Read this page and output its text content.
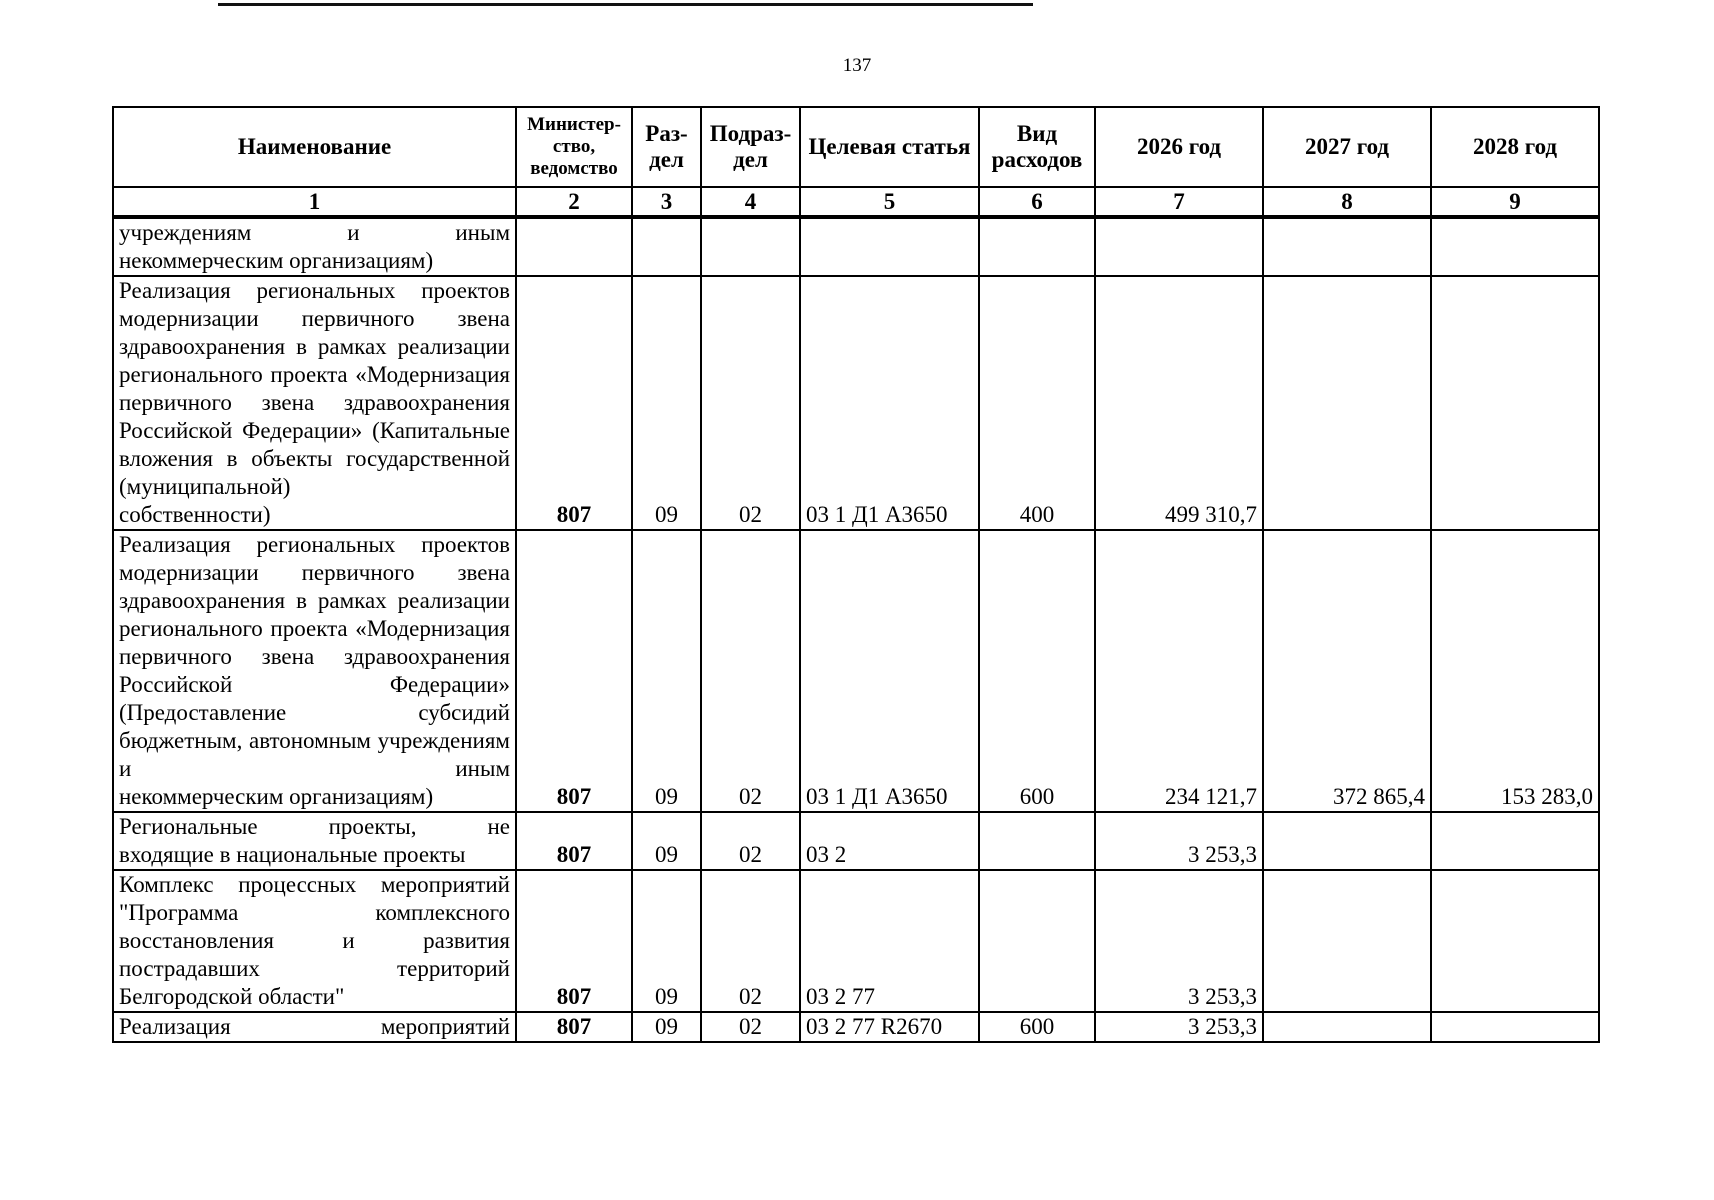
137
Наименование	Министер-ство, ведомство	Раз-дел	Подраз-дел	Целевая статья	Вид расходов	2026 год	2027 год	2028 год
1	2	3	4	5	6	7	8	9
учреждениям и иным
некоммерческим организациям)								

Реализация региональных проектов модернизации первичного звена здравоохранения в рамках реализации регионального проекта «Модернизация первичного звена здравоохранения Российской Федерации» (Капитальные вложения в объекты государственной (муниципальной)
собственности)	807	09	02	03 1 Д1 А3650	400	499 310,7		
Реализация региональных проектов модернизации первичного звена здравоохранения в рамках реализации регионального проекта «Модернизация первичного звена здравоохранения Российской Федерации» (Предоставление субсидий бюджетным, автономным учреждениям и иным
некоммерческим организациям)	807	09	02	03 1 Д1 А3650	600	234 121,7	372 865,4	153 283,0
Региональные проекты, не
входящие в национальные проекты	807	09	02	03 2		3 253,3		
Комплекс процессных мероприятий "Программа комплексного восстановления и развития пострадавших территорий
Белгородской области"	807	09	02	03 2 77		3 253,3		
Реализация мероприятий	807	09	02	03 2 77 R2670	600	3 253,3		
